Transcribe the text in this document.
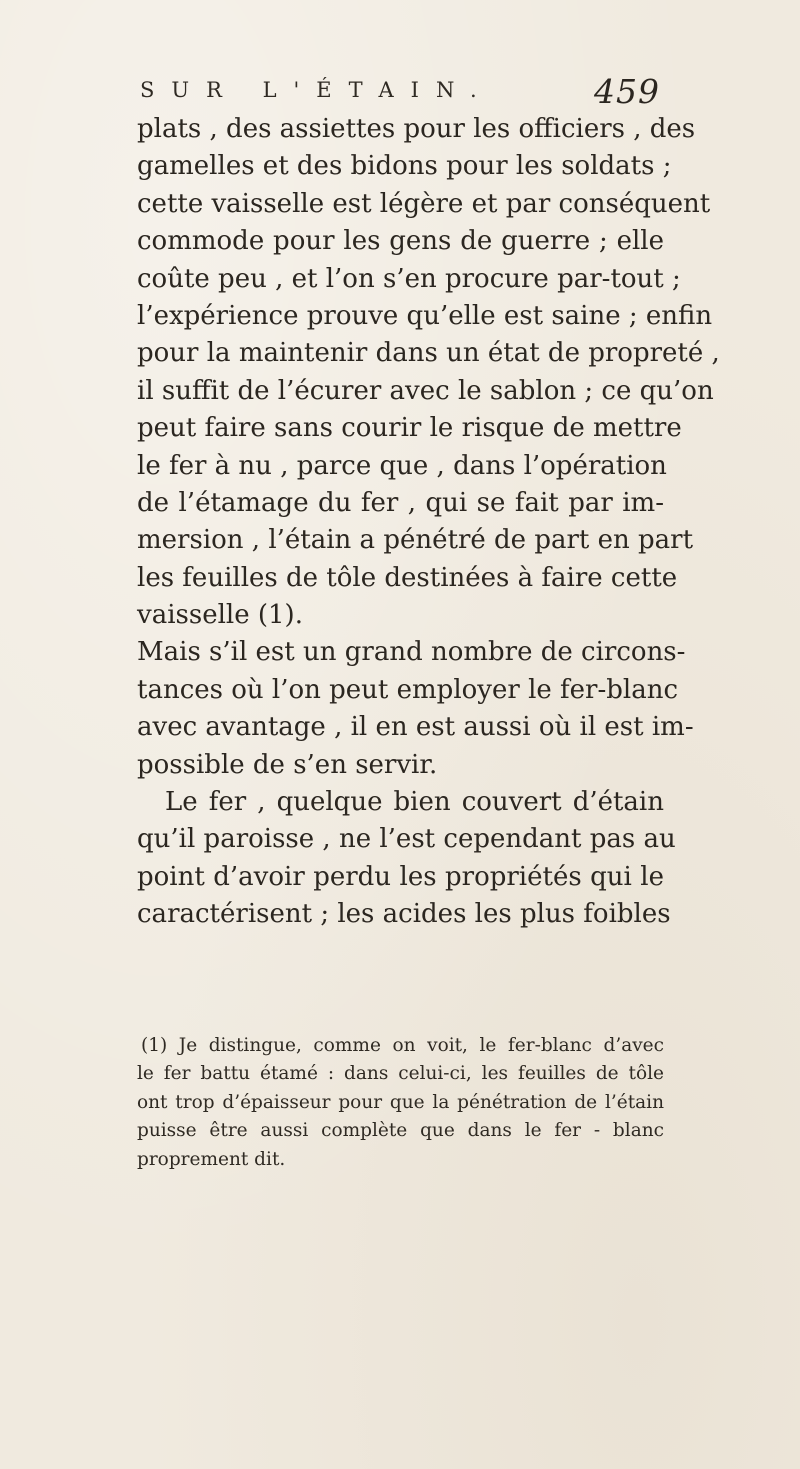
SUR L'ÉTAIN.	459
plats , des assiettes pour les officiers , des
gamelles et des bidons pour les soldats ;
cette vaisselle est légère et par conséquent
commode pour les gens de guerre ; elle
coûte peu , et l’on s’en procure par-tout ;
l’expérience prouve qu’elle est saine ; enfin
pour la maintenir dans un état de propreté ,
il suffit de l’écurer avec le sablon ; ce qu’on
peut faire sans courir le risque de mettre
le fer à nu , parce que , dans l’opération
de l’étamage du fer , qui se fait par im-
mersion , l’étain a pénétré de part en part
les feuilles de tôle destinées à faire cette
vaisselle (1).
Mais s’il est un grand nombre de circons-
tances où l’on peut employer le fer-blanc
avec avantage , il en est aussi où il est im-
possible de s’en servir.
Le fer , quelque bien couvert d’étain
qu’il paroisse , ne l’est cependant pas au
point d’avoir perdu les propriétés qui le
caractérisent ; les acides les plus foibles
(1) Je distingue, comme on voit, le fer-blanc d’avec
le fer battu étamé : dans celui-ci, les feuilles de tôle
ont trop d’épaisseur pour que la pénétration de l’étain
puisse être aussi complète que dans le fer - blanc
proprement dit.
